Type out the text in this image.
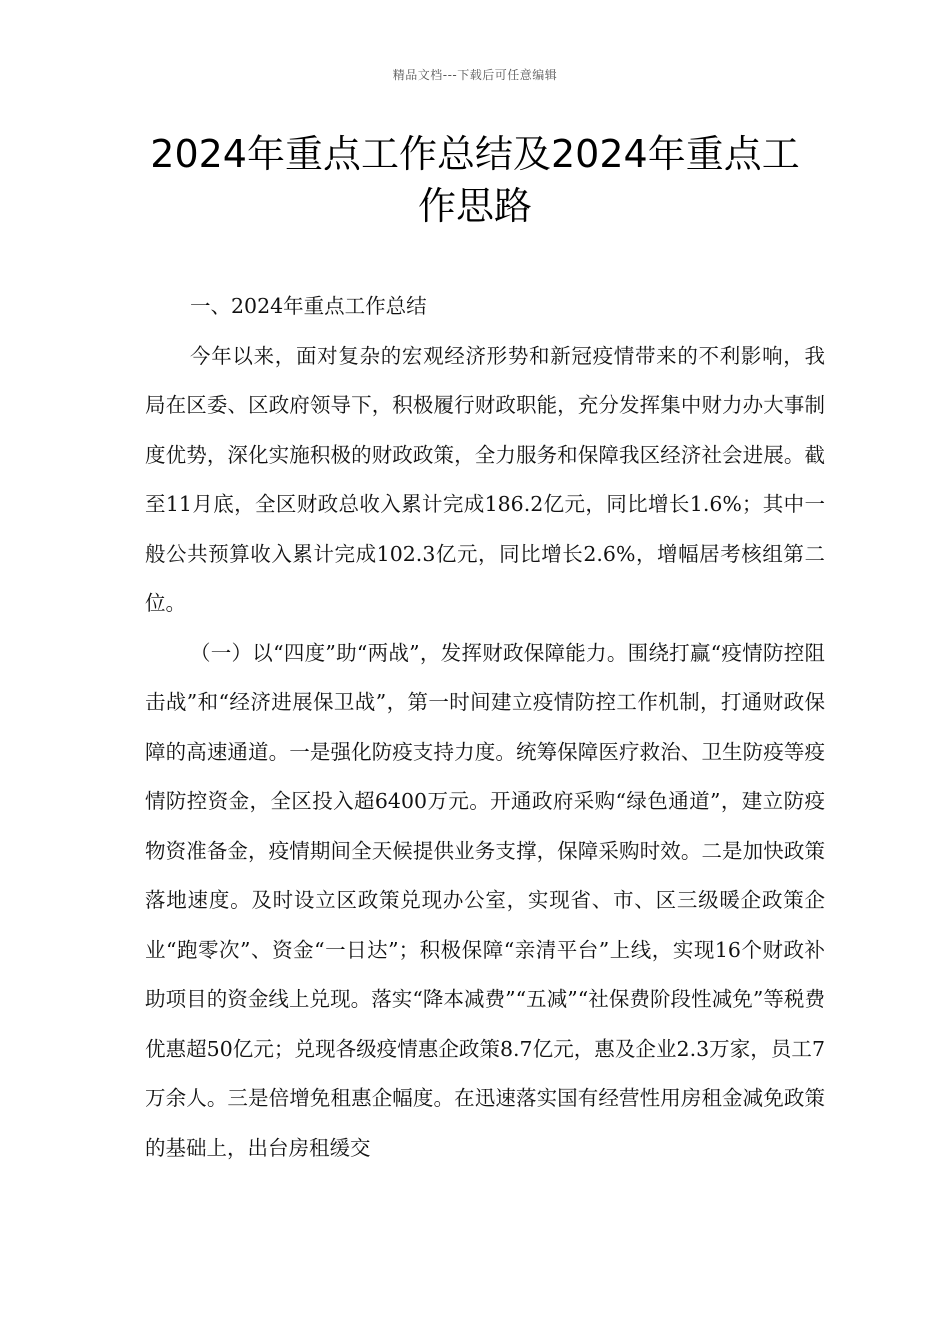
精品文档---下载后可任意编辑
2024年重点工作总结及2024年重点工作思路

一、2024年重点工作总结

今年以来，面对复杂的宏观经济形势和新冠疫情带来的不利影响，我局在区委、区政府领导下，积极履行财政职能，充分发挥集中财力办大事制度优势，深化实施积极的财政政策，全力服务和保障我区经济社会进展。截至11月底，全区财政总收入累计完成186.2亿元，同比增长1.6%；其中一般公共预算收入累计完成102.3亿元，同比增长2.6%，增幅居考核组第二位。

（一）以“四度”助“两战”，发挥财政保障能力。围绕打赢“疫情防控阻击战”和“经济进展保卫战”，第一时间建立疫情防控工作机制，打通财政保障的高速通道。一是强化防疫支持力度。统筹保障医疗救治、卫生防疫等疫情防控资金，全区投入超6400万元。开通政府采购“绿色通道”，建立防疫物资准备金，疫情期间全天候提供业务支撑，保障采购时效。二是加快政策落地速度。及时设立区政策兑现办公室，实现省、市、区三级暖企政策企业“跑零次”、资金“一日达”；积极保障“亲清平台”上线，实现16个财政补助项目的资金线上兑现。落实“降本减费”“五减”“社保费阶段性减免”等税费优惠超50亿元；兑现各级疫情惠企政策8.7亿元，惠及企业2.3万家，员工7万余人。三是倍增免租惠企幅度。在迅速落实国有经营性用房租金减免政策的基础上，出台房租缓交
